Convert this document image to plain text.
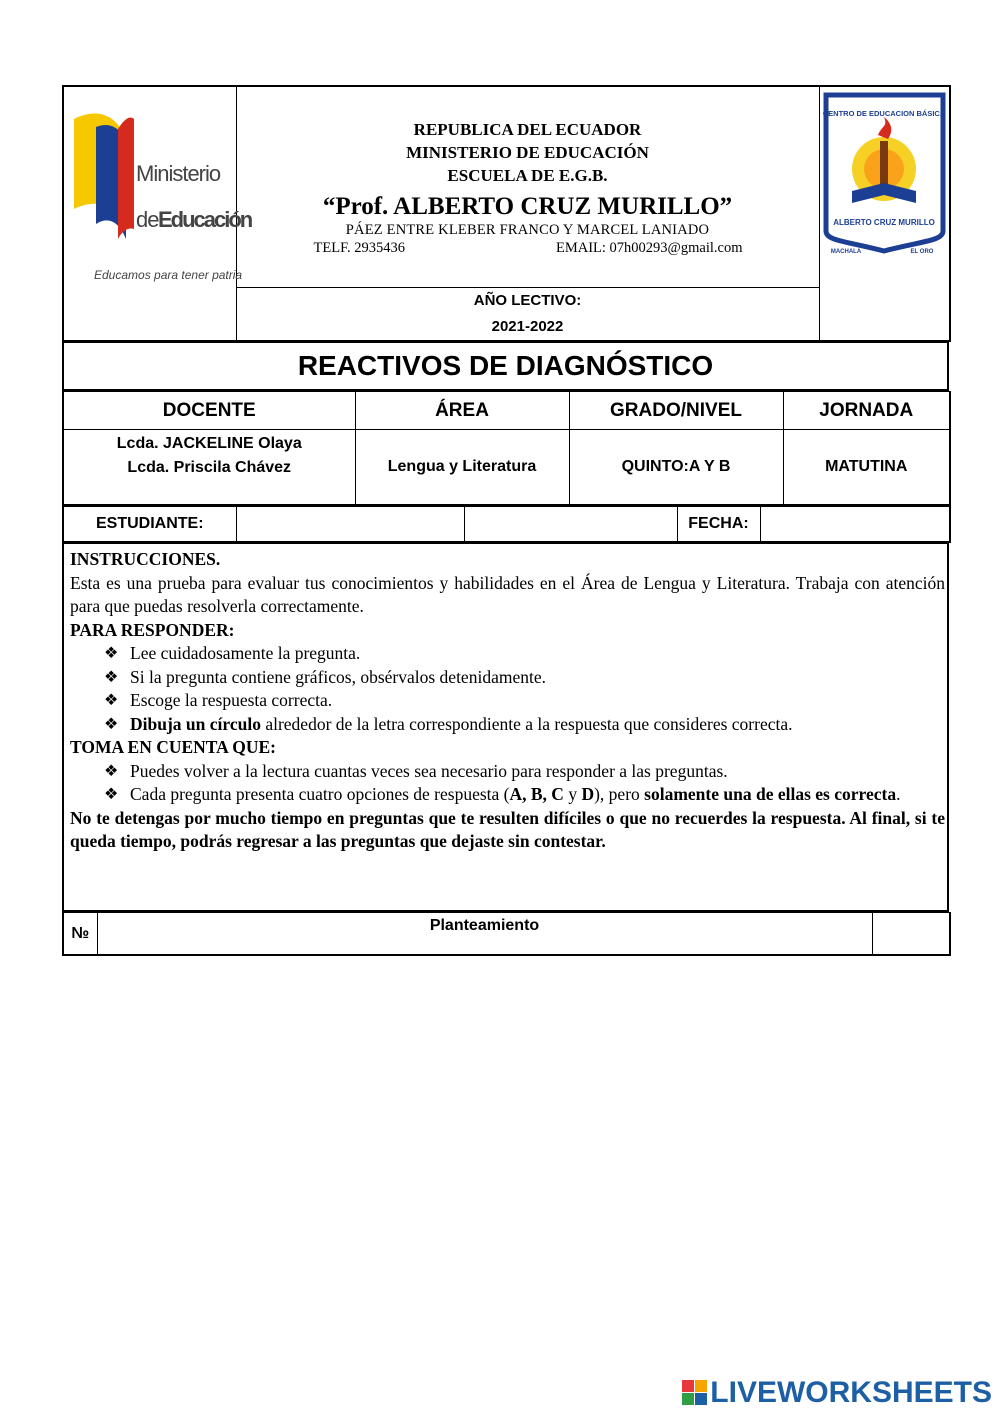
Ministerio
de Educación
Educamos para tener patria

REPUBLICA DEL ECUADOR
MINISTERIO DE EDUCACIÓN
ESCUELA DE E.G.B.
“Prof. ALBERTO CRUZ MURILLO”
PÁEZ ENTRE KLEBER FRANCO Y MARCEL LANIADO
TELF. 2935436	EMAIL: 07h00293@gmail.com

CENTRO DE EDUCACION BÁSICA
ALBERTO CRUZ MURILLO
MACHALA	EL ORO

AÑO LECTIVO:
2021-2022
REACTIVOS DE DIAGNÓSTICO
DOCENTE	ÁREA	GRADO/NIVEL	JORNADA

Lcda. JACKELINE Olaya
Lcda. Priscila Chávez	Lengua y Literatura	QUINTO:A Y B	MATUTINA
ESTUDIANTE:			FECHA:	
INSTRUCCIONES.
Esta es una prueba para evaluar tus conocimientos y habilidades en el Área de Lengua y Literatura. Trabaja con atención para que puedas resolverla correctamente.
PARA RESPONDER:
❖ Lee cuidadosamente la pregunta.
❖ Si la pregunta contiene gráficos, obsérvalos detenidamente.
❖ Escoge la respuesta correcta.
❖ Dibuja un círculo alrededor de la letra correspondiente a la respuesta que consideres correcta.
TOMA EN CUENTA QUE:
❖ Puedes volver a la lectura cuantas veces sea necesario para responder a las preguntas.
❖ Cada pregunta presenta cuatro opciones de respuesta (A, B, C y D), pero solamente una de ellas es correcta.
No te detengas por mucho tiempo en preguntas que te resulten difíciles o que no recuerdes la respuesta. Al final, si te queda tiempo, podrás regresar a las preguntas que dejaste sin contestar.
№	Planteamiento	
LIVEWORKSHEETS
